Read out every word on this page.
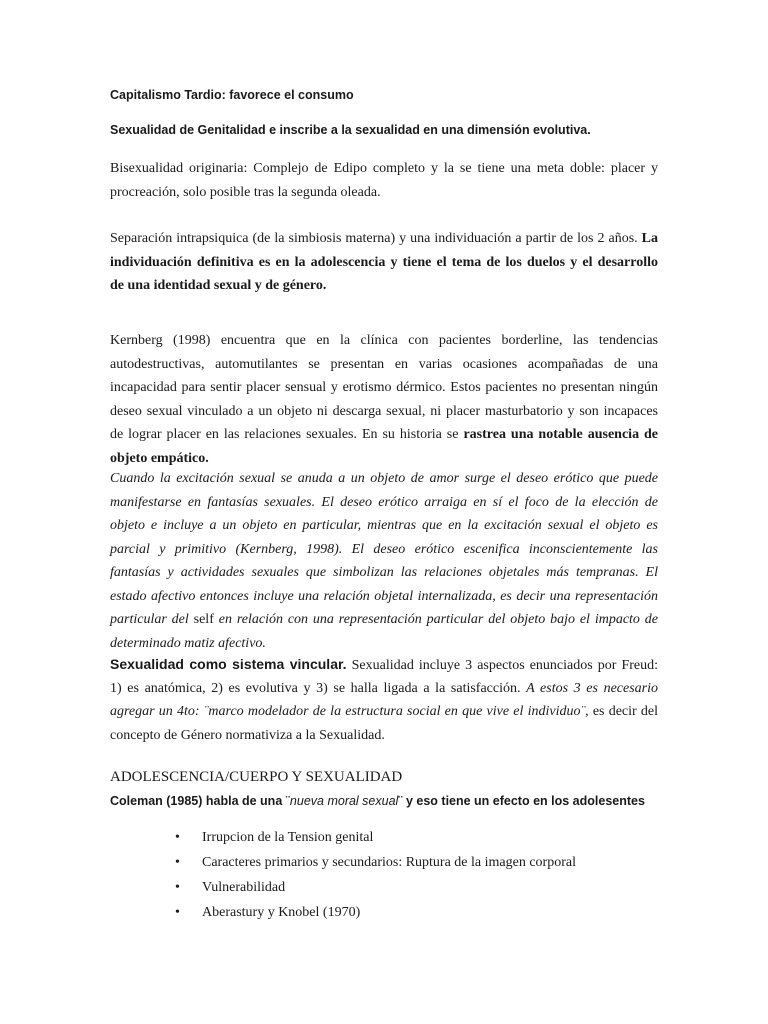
Capitalismo Tardio: favorece el consumo
Sexualidad de Genitalidad e inscribe a la sexualidad en una dimensión evolutiva.
Bisexualidad originaria: Complejo de Edipo completo y la se tiene una meta doble: placer y
procreación, solo posible tras la segunda oleada.
Separación intrapsiquica (de la simbiosis materna) y una individuación a partir de los 2 años. La
individuación definitiva es en la adolescencia y tiene el tema de los duelos y el desarrollo
de una identidad sexual y de género.
Kernberg (1998) encuentra que en la clínica con pacientes borderline, las tendencias
autodestructivas, automutilantes se presentan en varias ocasiones acompañadas de una
incapacidad para sentir placer sensual y erotismo dérmico. Estos pacientes no presentan ningún
deseo sexual vinculado a un objeto ni descarga sexual, ni placer masturbatorio y son incapaces
de lograr placer en las relaciones sexuales. En su historia se rastrea una notable ausencia de
objeto empático.
Cuando la excitación sexual se anuda a un objeto de amor surge el deseo erótico que puede
manifestarse en fantasías sexuales. El deseo erótico arraiga en sí el foco de la elección de
objeto e incluye a un objeto en particular, mientras que en la excitación sexual el objeto es
parcial y primitivo (Kernberg, 1998). El deseo erótico escenifica inconscientemente las
fantasías y actividades sexuales que simbolizan las relaciones objetales más tempranas. El
estado afectivo entonces incluye una relación objetal internalizada, es decir una representación
particular del self en relación con una representación particular del objeto bajo el impacto de
determinado matiz afectivo.
Sexualidad como sistema vincular. Sexualidad incluye 3 aspectos enunciados por Freud:
1) es anatómica, 2) es evolutiva y 3) se halla ligada a la satisfacción. A estos 3 es necesario
agregar un 4to: ¨marco modelador de la estructura social en que vive el individuo¨, es decir del
concepto de Género normativiza a la Sexualidad.
ADOLESCENCIA/CUERPO Y SEXUALIDAD
Coleman (1985) habla de una ¨nueva moral sexual¨ y eso tiene un efecto en los adolesentes
• Irrupcion de la Tension genital
• Caracteres primarios y secundarios: Ruptura de la imagen corporal
• Vulnerabilidad
• Aberastury y Knobel (1970)
